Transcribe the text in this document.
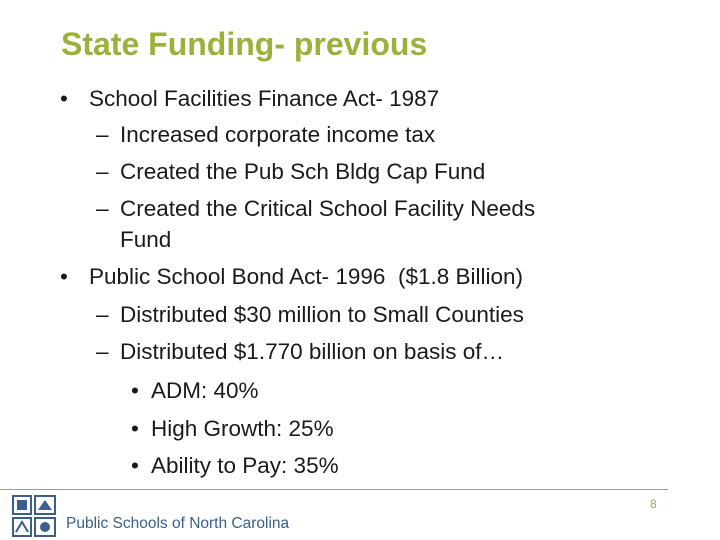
State Funding- previous
• School Facilities Finance Act- 1987
– Increased corporate income tax
– Created the Pub Sch Bldg Cap Fund
– Created the Critical School Facility Needs
Fund
• Public School Bond Act- 1996  ($1.8 Billion)
– Distributed $30 million to Small Counties
– Distributed $1.770 billion on basis of…
• ADM: 40%
• High Growth: 25%
• Ability to Pay: 35%
Public Schools of North Carolina
8
